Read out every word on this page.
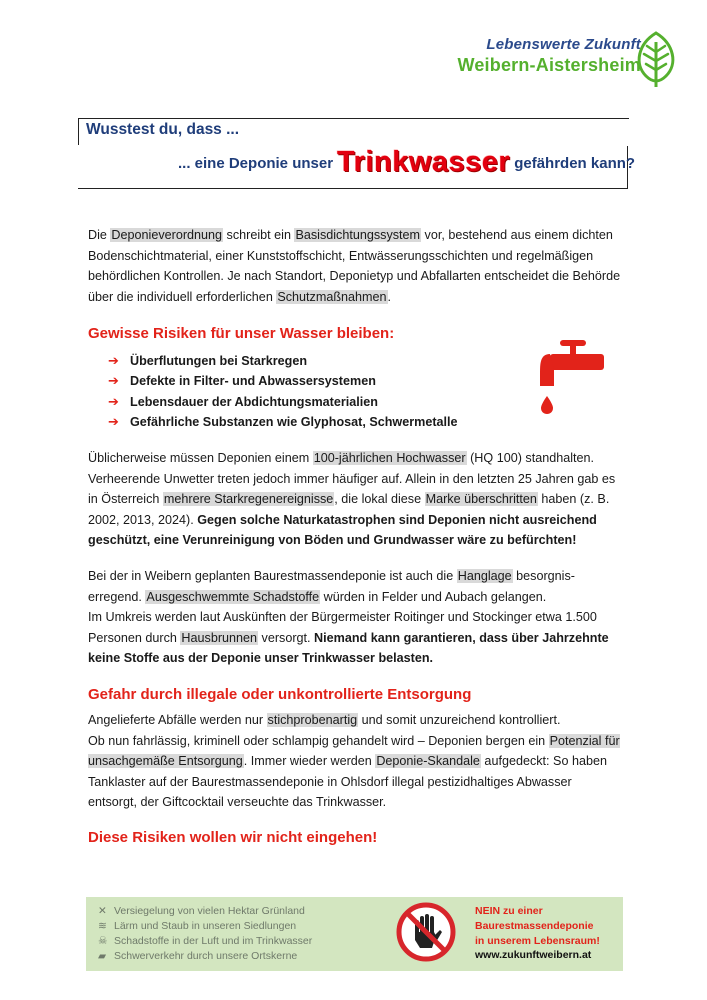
Lebenswerte Zukunft
Weibern-Aistersheim
Wusstest du, dass ...
... eine Deponie unser Trinkwasser gefährden kann?
Die Deponieverordnung schreibt ein Basisdichtungssystem vor, bestehend aus einem dichten Bodenschichtmaterial, einer Kunststoffschicht, Entwässerungsschichten und regelmäßigen behördlichen Kontrollen. Je nach Standort, Deponietyp und Abfallarten entscheidet die Behörde über die individuell erforderlichen Schutzmaßnahmen.
Gewisse Risiken für unser Wasser bleiben:
➔ Überflutungen bei Starkregen
➔ Defekte in Filter- und Abwassersystemen
➔ Lebensdauer der Abdichtungsmaterialien
➔ Gefährliche Substanzen wie Glyphosat, Schwermetalle
Üblicherweise müssen Deponien einem 100-jährlichen Hochwasser (HQ 100) standhalten. Verheerende Unwetter treten jedoch immer häufiger auf. Allein in den letzten 25 Jahren gab es in Österreich mehrere Starkregenereignisse, die lokal diese Marke überschritten haben (z. B. 2002, 2013, 2024). Gegen solche Naturkatastrophen sind Deponien nicht ausreichend geschützt, eine Verunreinigung von Böden und Grundwasser wäre zu befürchten!
Bei der in Weibern geplanten Baurestmassendeponie ist auch die Hanglage besorgnis-erregend. Ausgeschwemmte Schadstoffe würden in Felder und Aubach gelangen.
Im Umkreis werden laut Auskünften der Bürgermeister Roitinger und Stockinger etwa 1.500 Personen durch Hausbrunnen versorgt. Niemand kann garantieren, dass über Jahrzehnte keine Stoffe aus der Deponie unser Trinkwasser belasten.
Gefahr durch illegale oder unkontrollierte Entsorgung
Angelieferte Abfälle werden nur stichprobenartig und somit unzureichend kontrolliert.
Ob nun fahrlässig, kriminell oder schlampig gehandelt wird – Deponien bergen ein Potenzial für unsachgemäße Entsorgung. Immer wieder werden Deponie-Skandale aufgedeckt: So haben Tanklaster auf der Baurestmassendeponie in Ohlsdorf illegal pestizidhaltiges Abwasser entsorgt, der Giftcocktail verseuchte das Trinkwasser.
Diese Risiken wollen wir nicht eingehen!
✕ Versiegelung von vielen Hektar Grünland
≋ Lärm und Staub in unseren Siedlungen
☠ Schadstoffe in der Luft und im Trinkwasser
▰ Schwerverkehr durch unsere Ortskerne
NEIN zu einer
Baurestmassendeponie
in unserem Lebensraum!
www.zukunftweibern.at
